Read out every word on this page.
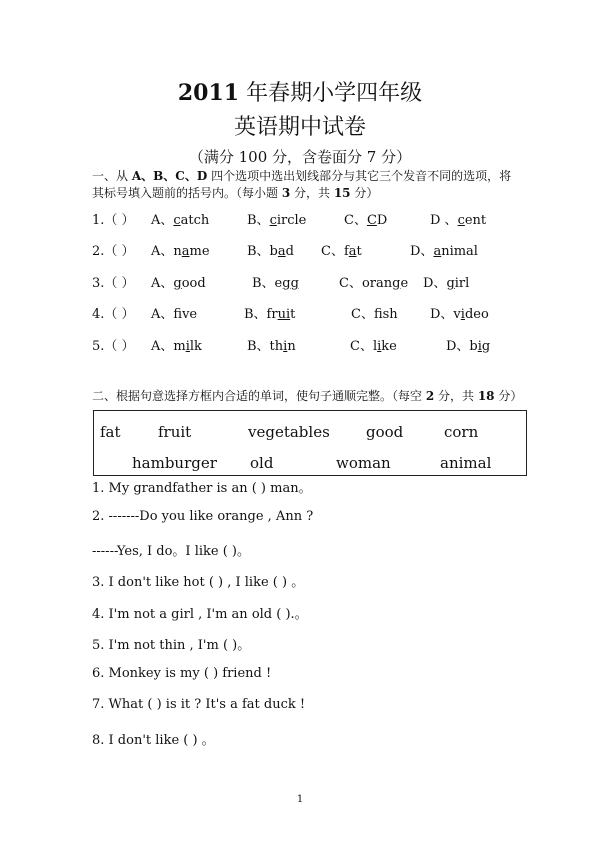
2011 年春期小学四年级
英语期中试卷
（满分 100 分，含卷面分 7 分）
一、从 A、B、C、D 四个选项中选出划线部分与其它三个发音不同的选项，将
其标号填入题前的括号内。（每小题 3 分，共 15 分）
1.（ ） A、catch	B、circle	C、CD	D 、cent
2.（ ） A、name	B、bad C、fat	D、animal
3.（ ） A、good	B、egg	C、orange D、girl
4.（ ） A、fve	B、fruit	C、fsh D、video
5.（ ） A、milk	B、thin	C、like	D、big
二、根据句意选择方框内合适的单词，使句子通顺完整。（每空 2 分，共 18 分）
fat fruit	vegetables good	corn
hamburger old	woman	animal
1. My grandfather is an ( ) man。
2. -------Do you like orange , Ann ?
------Yes, I do。I like ( )。
3. I don't like hot ( ) , I like ( ) 。
4. I'm not a girl , I'm an old ( ).。
5. I'm not thin , I'm ( )。
6. Monkey is my ( ) friend !
7. What ( ) is it ? It's a fat duck !
8. I don't like ( ) 。
1
